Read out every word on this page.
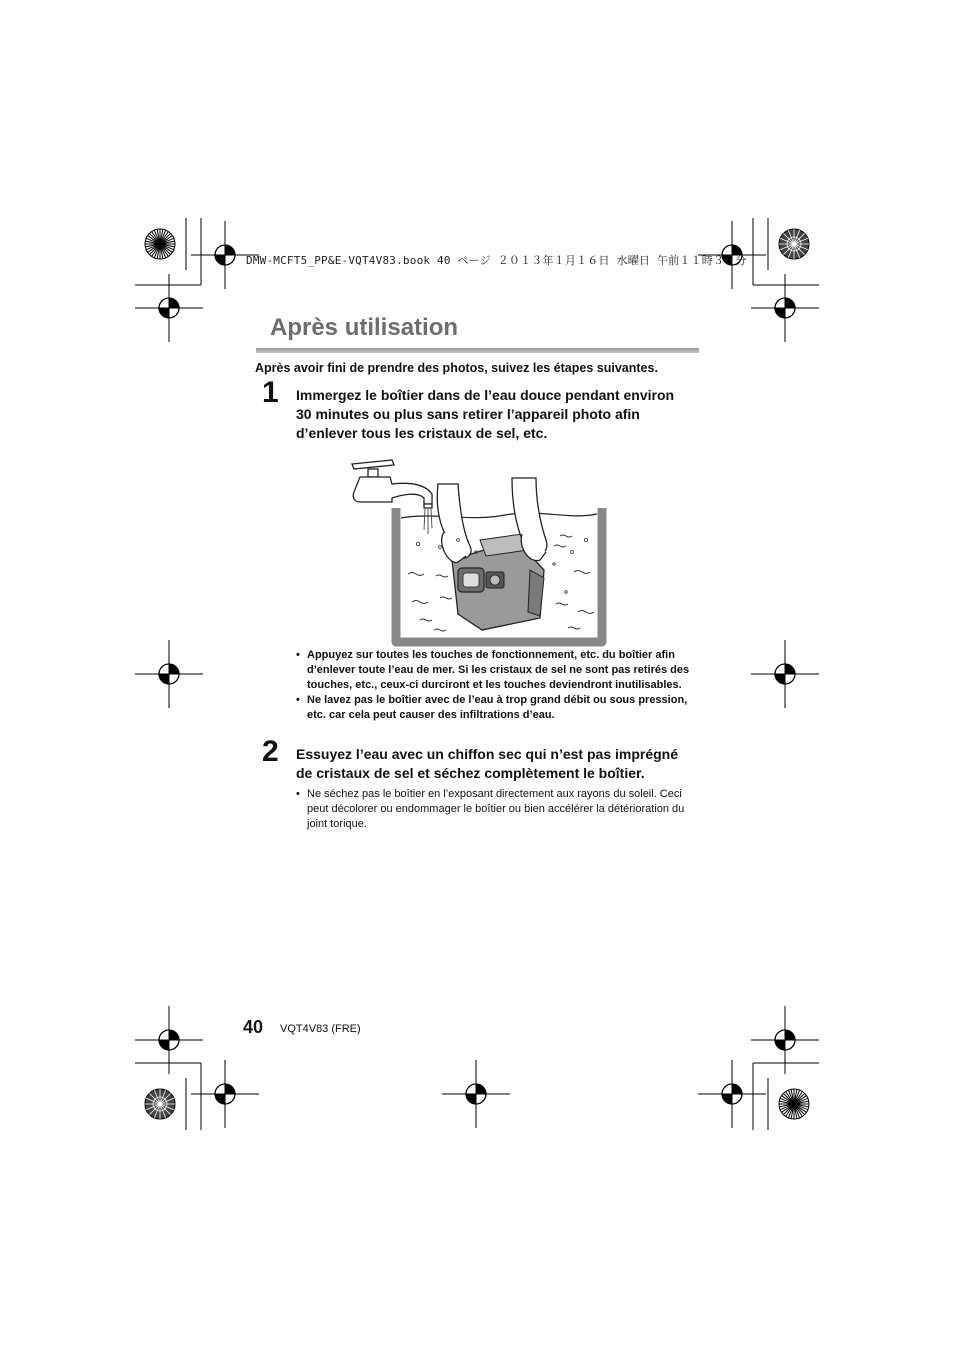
DMW-MCFT5_PP&E-VQT4V83.book 40 ページ ２０１３年１月１６日 水曜日 午前１１時３５分
Après utilisation
Après avoir fini de prendre des photos, suivez les étapes suivantes.
1 Immergez le boîtier dans de l’eau douce pendant environ
30 minutes ou plus sans retirer l’appareil photo afin
d’enlever tous les cristaux de sel, etc.
• Appuyez sur toutes les touches de fonctionnement, etc. du boîtier afin d’enlever toute l’eau de mer. Si les cristaux de sel ne sont pas retirés des touches, etc., ceux-ci durciront et les touches deviendront inutilisables.
• Ne lavez pas le boîtier avec de l’eau à trop grand débit ou sous pression, etc. car cela peut causer des infiltrations d’eau.
2 Essuyez l’eau avec un chiffon sec qui n’est pas imprégné
de cristaux de sel et séchez complètement le boîtier.
• Ne séchez pas le boîtier en l’exposant directement aux rayons du soleil. Ceci peut décolorer ou endommager le boîtier ou bien accélérer la détérioration du joint torique.
40 VQT4V83 (FRE)
